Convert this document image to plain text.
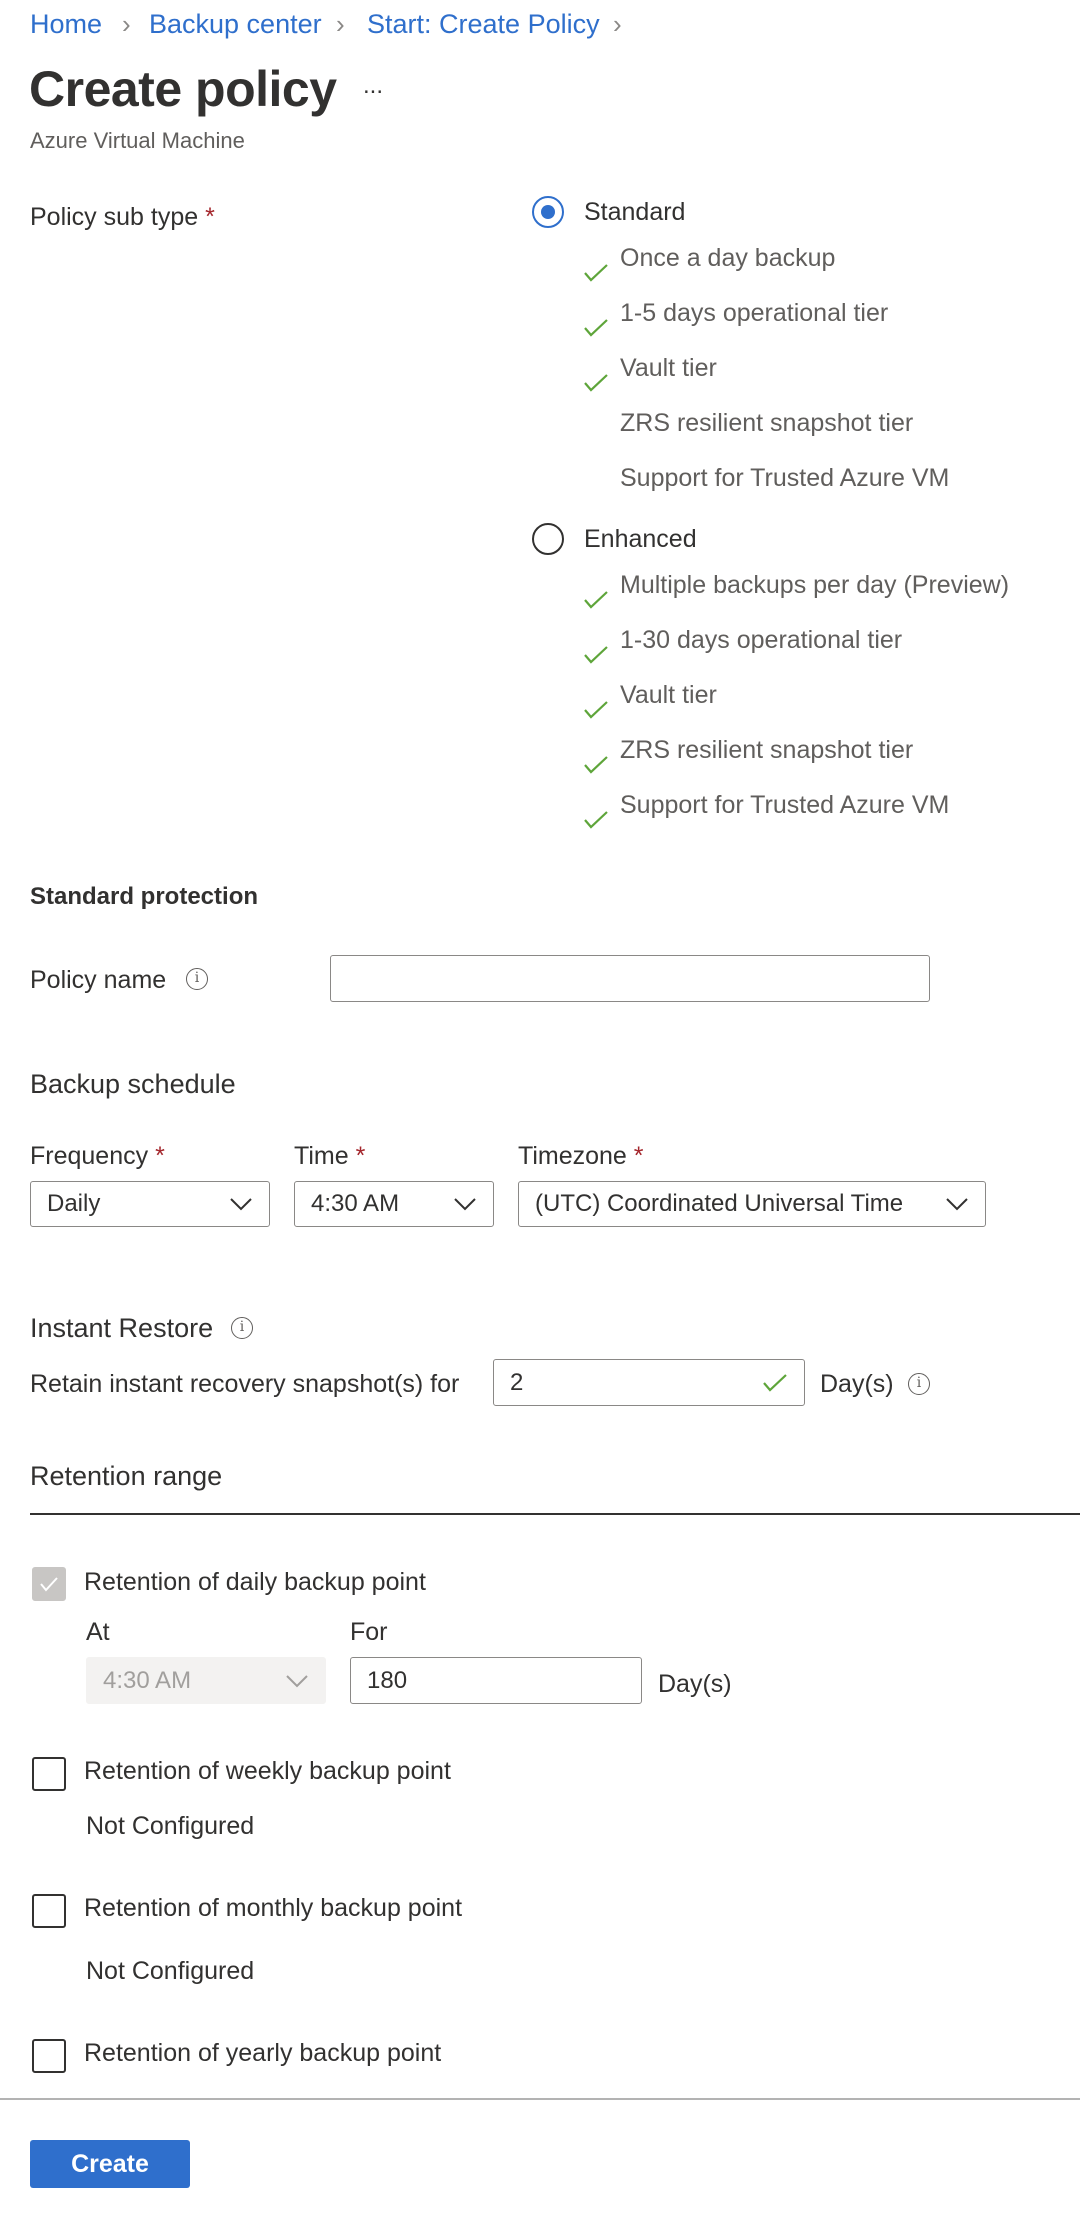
Home › Backup center › Start: Create Policy ›
Create policy ...
Azure Virtual Machine
Policy sub type *	Standard
Once a day backup
1-5 days operational tier
Vault tier
ZRS resilient snapshot tier
Support for Trusted Azure VM
Enhanced
Multiple backups per day (Preview)
1-30 days operational tier
Vault tier
ZRS resilient snapshot tier
Support for Trusted Azure VM
Standard protection
Policy name	i
Backup schedule
Frequency *
Daily
Time *
4:30 AM
Timezone *
(UTC) Coordinated Universal Time
Instant Restore	i
Retain instant recovery snapshot(s) for 2	Day(s)	i
Retention range
Retention of daily backup point
At
4:30 AM
For
180	Day(s)
Retention of weekly backup point
Not Configured
Retention of monthly backup point
Not Configured
Retention of yearly backup point
Create
